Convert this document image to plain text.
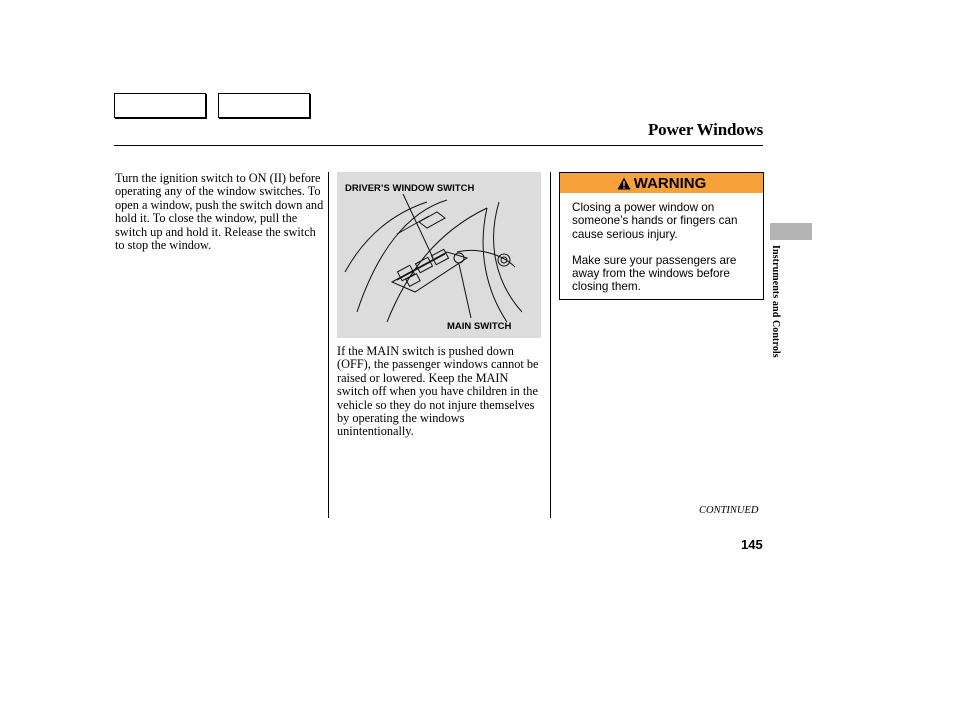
Power Windows

Turn the ignition switch to ON (II) before operating any of the window switches. To open a window, push the switch down and hold it. To close the window, pull the switch up and hold it. Release the switch to stop the window.

DRIVER’S WINDOW SWITCH
MAIN SWITCH

If the MAIN switch is pushed down (OFF), the passenger windows cannot be raised or lowered. Keep the MAIN switch off when you have children in the vehicle so they do not injure themselves by operating the windows unintentionally.

WARNING

Closing a power window on someone’s hands or fingers can cause serious injury.

Make sure your passengers are away from the windows before closing them.	Instruments and Controls
CONTINUED
145
